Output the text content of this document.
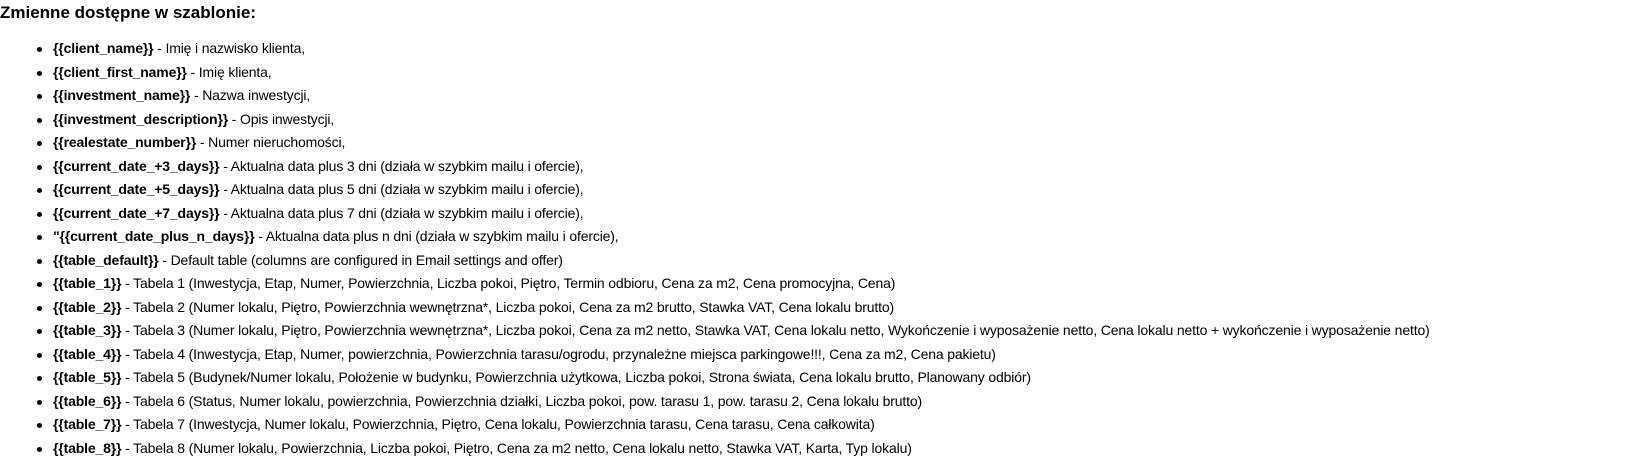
Zmienne dostępne w szablonie:
{{client_name}} - Imię i nazwisko klienta,
{{client_first_name}} - Imię klienta,
{{investment_name}} - Nazwa inwestycji,
{{investment_description}} - Opis inwestycji,
{{realestate_number}} - Numer nieruchomości,
{{current_date_+3_days}} - Aktualna data plus 3 dni (działa w szybkim mailu i ofercie),
{{current_date_+5_days}} - Aktualna data plus 5 dni (działa w szybkim mailu i ofercie),
{{current_date_+7_days}} - Aktualna data plus 7 dni (działa w szybkim mailu i ofercie),
"{{current_date_plus_n_days}} - Aktualna data plus n dni (działa w szybkim mailu i ofercie),
{{table_default}} - Default table (columns are configured in Email settings and offer)
{{table_1}} - Tabela 1 (Inwestycja, Etap, Numer, Powierzchnia, Liczba pokoi, Piętro, Termin odbioru, Cena za m2, Cena promocyjna, Cena)
{{table_2}} - Tabela 2 (Numer lokalu, Piętro, Powierzchnia wewnętrzna*, Liczba pokoi, Cena za m2 brutto, Stawka VAT, Cena lokalu brutto)
{{table_3}} - Tabela 3 (Numer lokalu, Piętro, Powierzchnia wewnętrzna*, Liczba pokoi, Cena za m2 netto, Stawka VAT, Cena lokalu netto, Wykończenie i wyposażenie netto, Cena lokalu netto + wykończenie i wyposażenie netto)
{{table_4}} - Tabela 4 (Inwestycja, Etap, Numer, powierzchnia, Powierzchnia tarasu/ogrodu, przynależne miejsca parkingowe!!!, Cena za m2, Cena pakietu)
{{table_5}} - Tabela 5 (Budynek/Numer lokalu, Położenie w budynku, Powierzchnia użytkowa, Liczba pokoi, Strona świata, Cena lokalu brutto, Planowany odbiór)
{{table_6}} - Tabela 6 (Status, Numer lokalu, powierzchnia, Powierzchnia działki, Liczba pokoi, pow. tarasu 1, pow. tarasu 2, Cena lokalu brutto)
{{table_7}} - Tabela 7 (Inwestycja, Numer lokalu, Powierzchnia, Piętro, Cena lokalu, Powierzchnia tarasu, Cena tarasu, Cena całkowita)
{{table_8}} - Tabela 8 (Numer lokalu, Powierzchnia, Liczba pokoi, Piętro, Cena za m2 netto, Cena lokalu netto, Stawka VAT, Karta, Typ lokalu)
